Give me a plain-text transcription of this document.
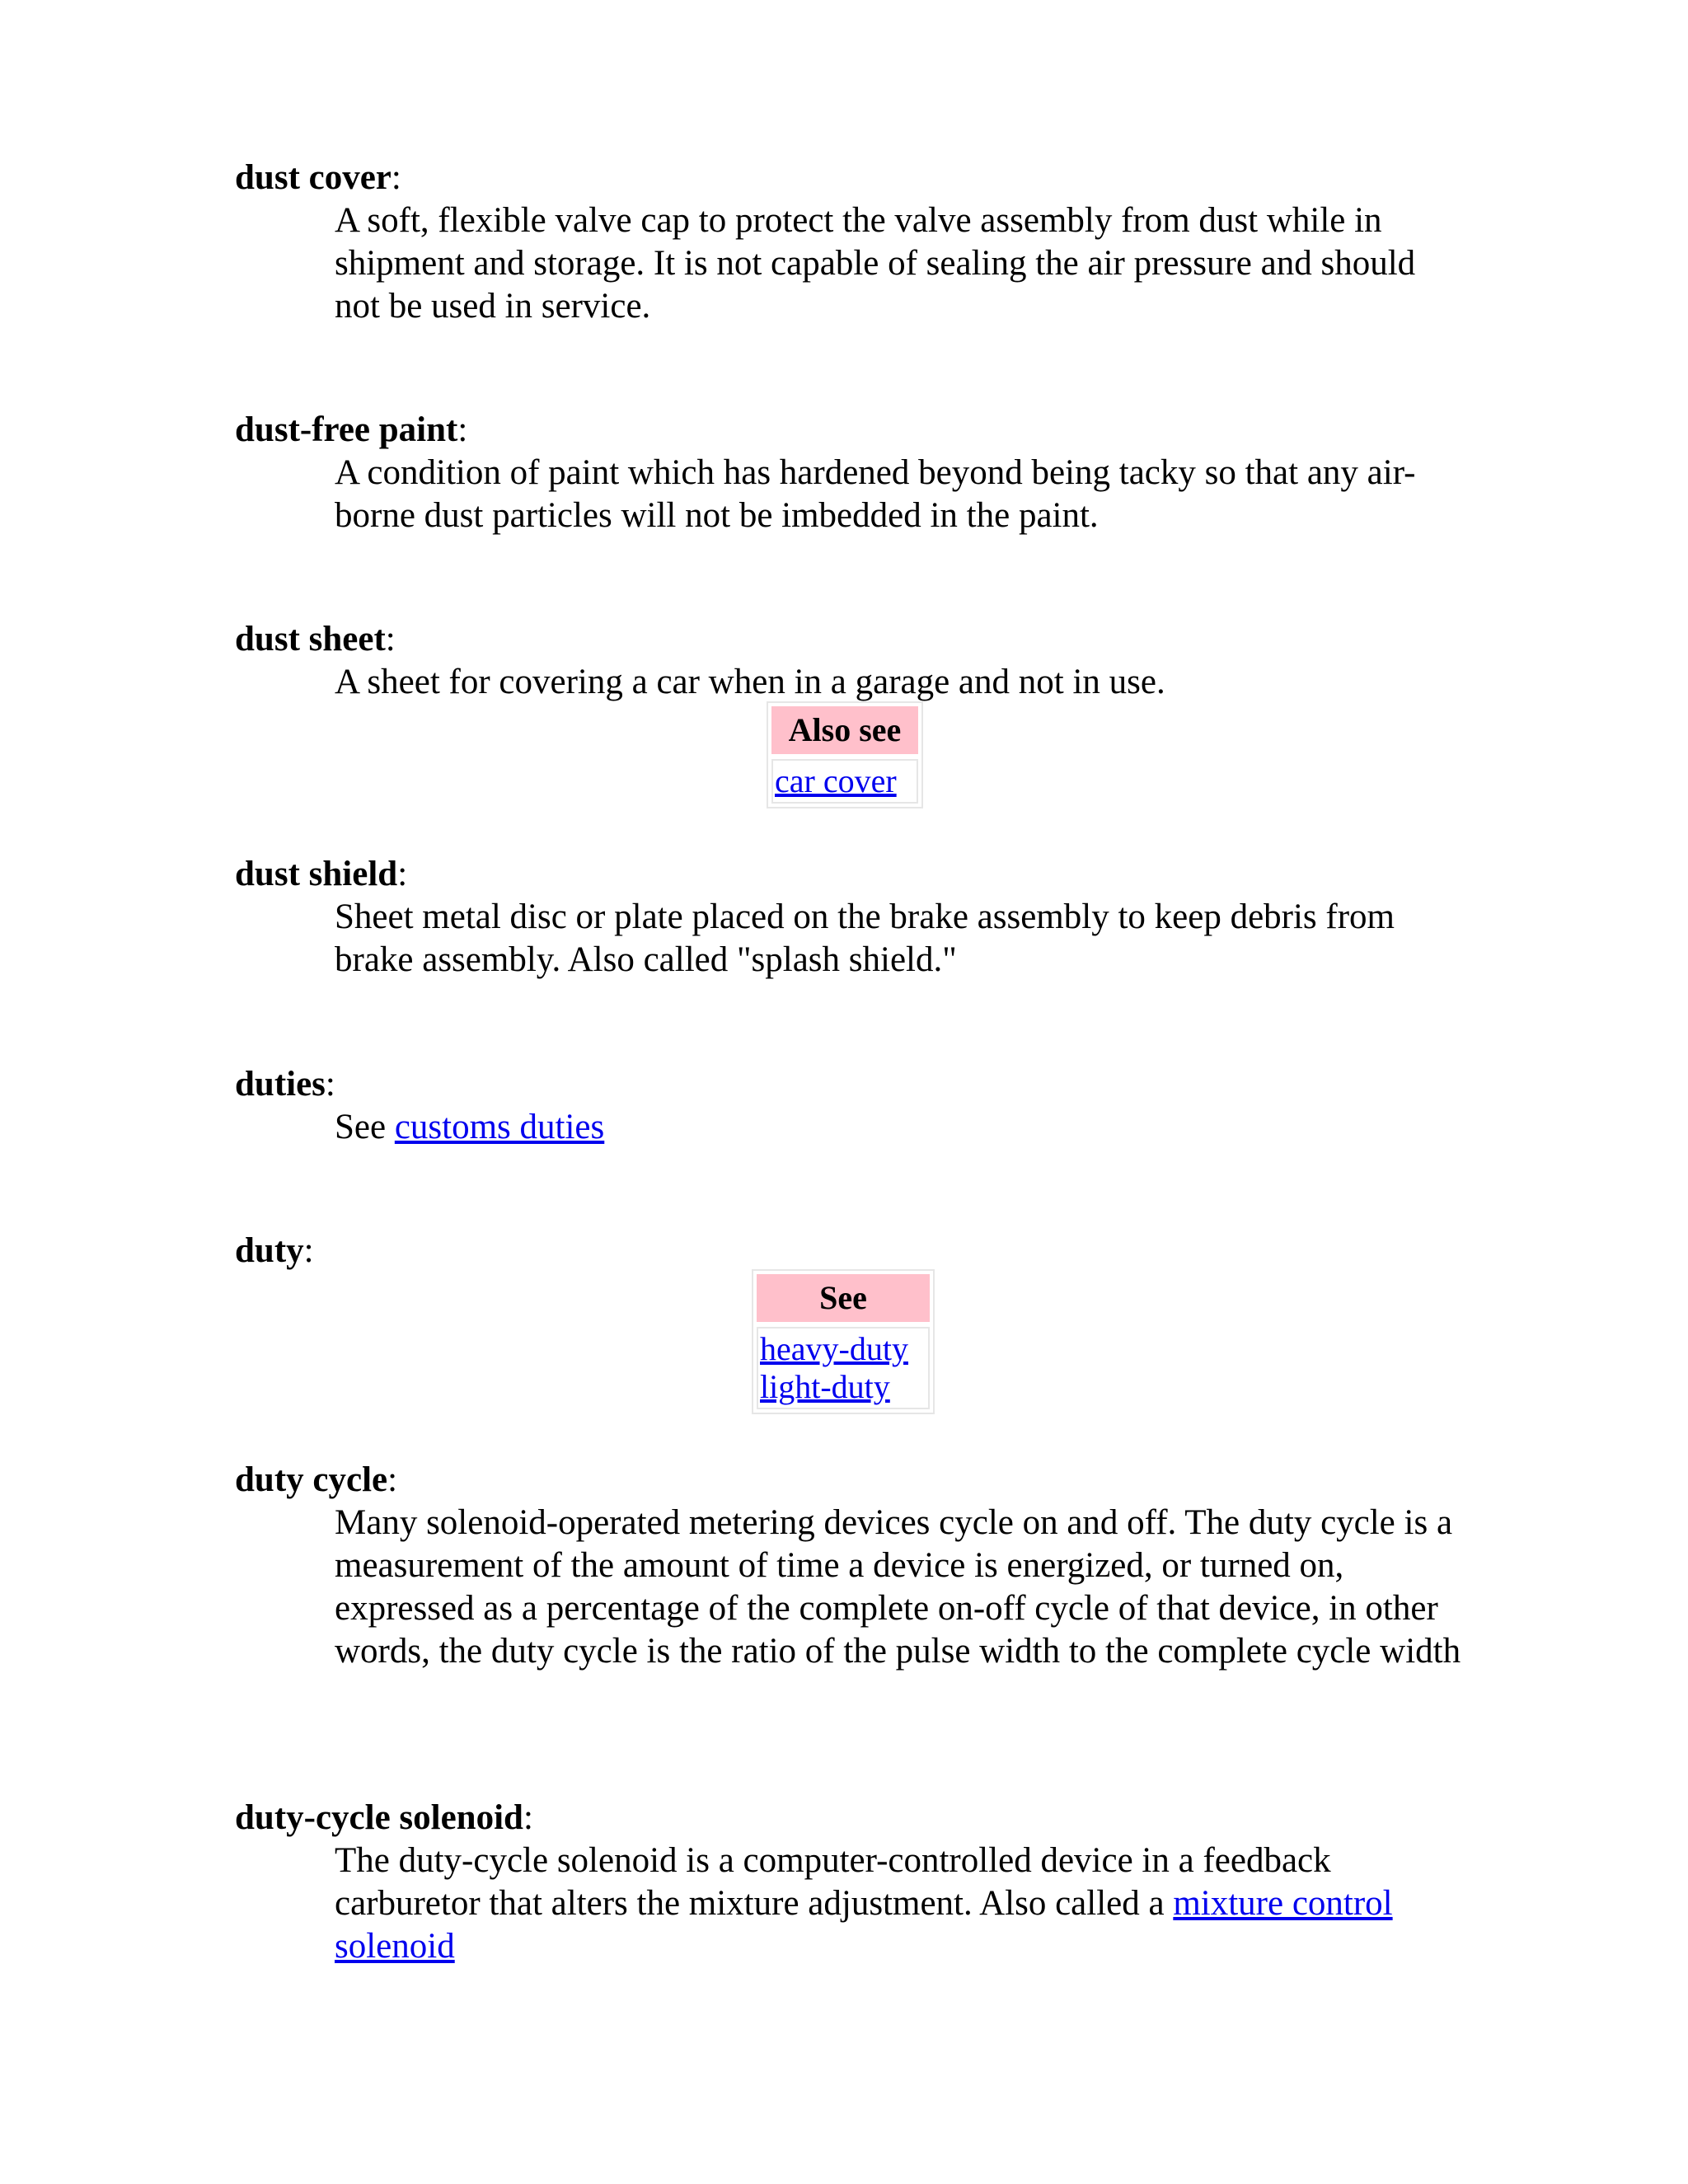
dust cover:
A soft, flexible valve cap to protect the valve assembly from dust while in shipment and storage. It is not capable of sealing the air pressure and should not be used in service.
dust-free paint:
A condition of paint which has hardened beyond being tacky so that any air-borne dust particles will not be imbedded in the paint.
dust sheet:
A sheet for covering a car when in a garage and not in use.
Also see
car cover
dust shield:
Sheet metal disc or plate placed on the brake assembly to keep debris from brake assembly. Also called "splash shield."
duties:
See customs duties
duty:
See
heavy-duty
light-duty
duty cycle:
Many solenoid-operated metering devices cycle on and off. The duty cycle is a measurement of the amount of time a device is energized, or turned on, expressed as a percentage of the complete on-off cycle of that device, in other words, the duty cycle is the ratio of the pulse width to the complete cycle width
duty-cycle solenoid:
The duty-cycle solenoid is a computer-controlled device in a feedback carburetor that alters the mixture adjustment. Also called a mixture control solenoid
